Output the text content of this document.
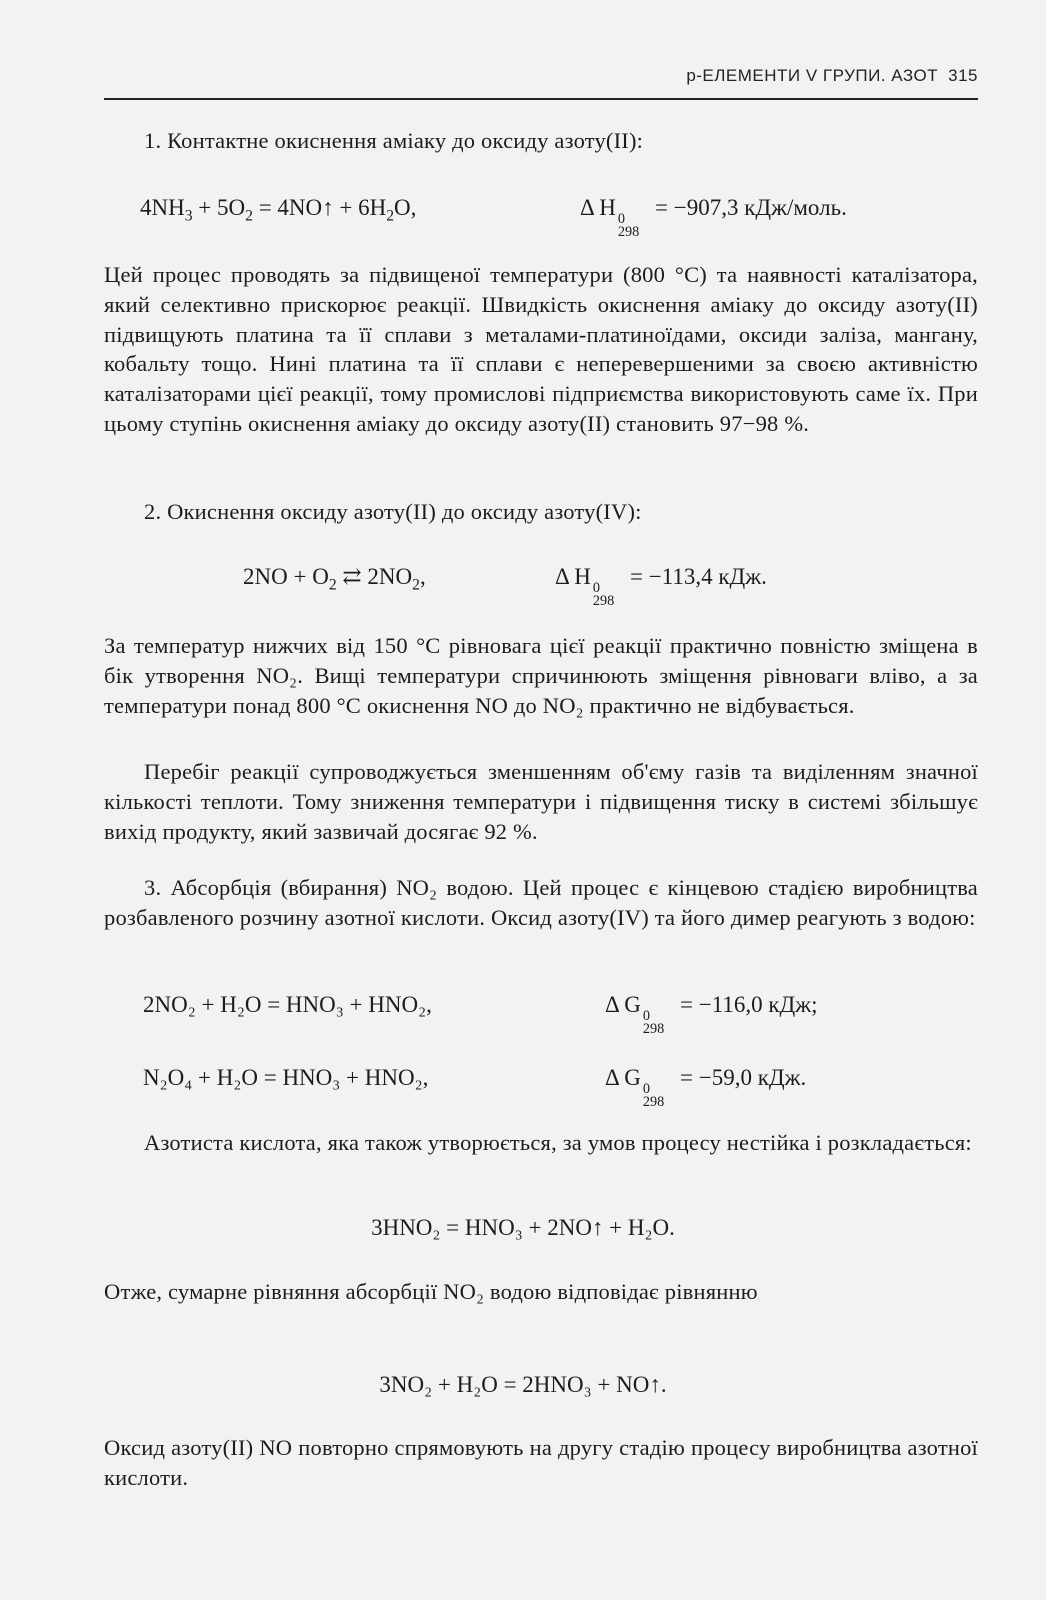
p-ЕЛЕМЕНТИ V ГРУПИ. АЗОТ 315

1. Контактне окиснення аміаку до оксиду азоту(II):

$4NH_3 + 5O_2$ = 4NO↑ + $6H_2O$,	Δ H 0
298
= −907,3 кДж/моль.

Цей процес проводять за підвищеної температури (800 °С) та наявності каталізатора, який селективно прискорює реакції. Швидкість окиснення аміаку до оксиду азоту(II) підвищують платина та її сплави з металами-платиноїдами, оксиди заліза, мангану, кобальту тощо. Нині платина та її сплави є неперевершеними за своєю активністю каталізаторами цієї реакції, тому промислові підприємства використовують саме їх. При цьому ступінь окиснення аміаку до оксиду азоту(II) становить 97−98 %.

2. Окиснення оксиду азоту(II) до оксиду азоту(IV):

$2NO + O_2$ ⇄ $2NO_2$,	Δ H 0
298
= −113,4 кДж.

За температур нижчих від 150 °С рівновага цієї реакції практично повністю зміщена в бік утворення NO₂. Вищі температури спричинюють зміщення рівноваги вліво, а за температури понад 800 °С окиснення NO до NO₂ практично не відбувається.

Перебіг реакції супроводжується зменшенням об'єму газів та виділенням значної кількості теплоти. Тому зниження температури і підвищення тиску в системі збільшує вихід продукту, який зазвичай досягає 92 %.

3. Абсорбція (вбирання) NO₂ водою. Цей процес є кінцевою стадією виробництва розбавленого розчину азотної кислоти. Оксид азоту(IV) та його димер реагують з водою:

2NO₂ + H₂O = HNO₃ + HNO₂,	Δ G 0
298
= −116,0 кДж;
N₂O₄ + H₂O = HNO₃ + HNO₂,	Δ G 0
298
= −59,0 кДж.

Азотиста кислота, яка також утворюється, за умов процесу нестійка і розкладається:

3HNO₂ = HNO₃ + 2NO↑ + H₂O.

Отже, сумарне рівняння абсорбції NO₂ водою відповідає рівнянню

3NO₂ + H₂O = 2HNO₃ + NO↑.

Оксид азоту(II) NO повторно спрямовують на другу стадію процесу виробництва азотної кислоти.
